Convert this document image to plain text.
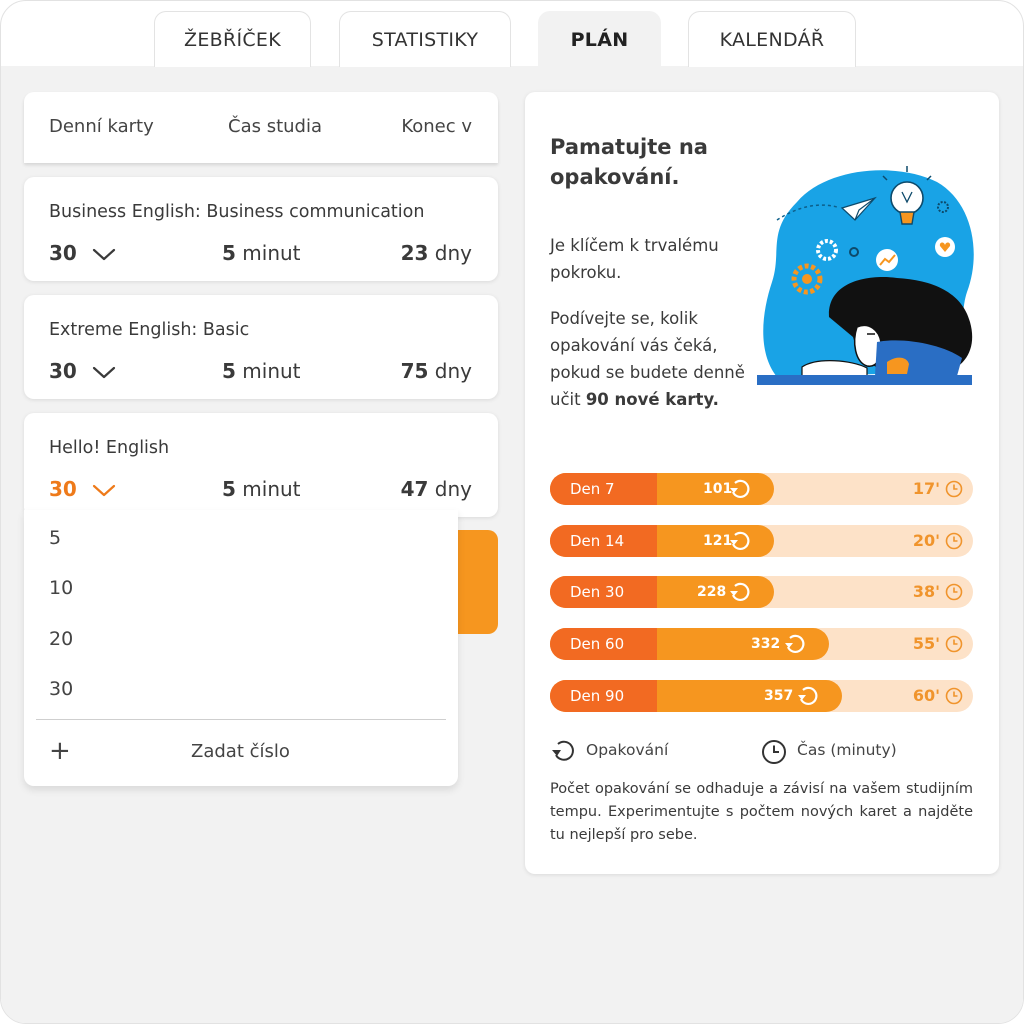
ŽEBŘÍČEK	STATISTIKY	PLÁN	KALENDÁŘ
Denní karty	Čas studia	Konec v
Business English: Business communication
30	5 minut	23 dny
Extreme English: Basic
30	5 minut	75 dny
Hello! English
30	5 minut	47 dny
5
10
20
30
+	Zadat číslo
Pamatujte na opakování.
Je klíčem k trvalému pokroku.
Podívejte se, kolik opakování vás čeká, pokud se budete denně učit 90 nové karty.
Den 7	101	17'
Den 14	121	20'
Den 30	228	38'
Den 60	332	55'
Den 90	357	60'
Opakování	Čas (minuty)
Počet opakování se odhaduje a závisí na vašem studijním tempu. Experimentujte s počtem nových karet a najděte tu nejlepší pro sebe.
